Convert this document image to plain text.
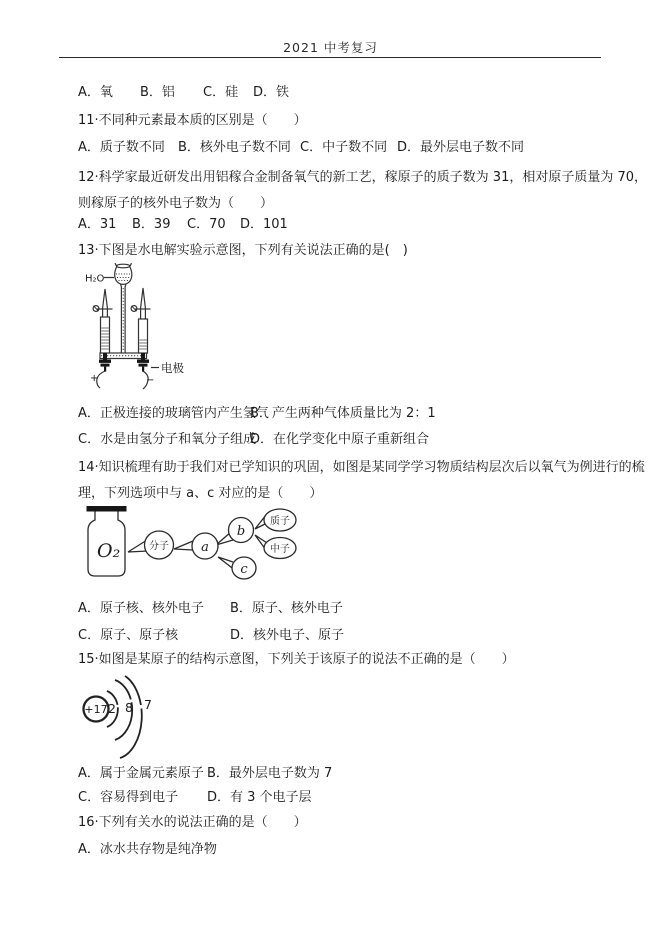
2021 中考复习
A．氧 B．铝 C．硅 D．铁
11·不同种元素最本质的区别是（　　）
A．质子数不同 B．核外电子数不同 C．中子数不同 D．最外层电子数不同
12·科学家最近研发出用铝稼合金制备氧气的新工艺，稼原子的质子数为 31，相对原子质量为 70，
则稼原子的核外电子数为（　　）
A．31 B．39 C．70 D．101
13·下图是水电解实验示意图，下列有关说法正确的是(　)
H₂O
+	−
电极
A．正极连接的玻璃管内产生氢气
B．产生两种气体质量比为 2：1
C．水是由氢分子和氧分子组成
D．在化学变化中原子重新组合
14·知识梳理有助于我们对已学知识的巩固，如图是某同学学习物质结构层次后以氧气为例进行的梳
理，下列选项中与 a、c 对应的是（　　）
O₂	分子 a
b
c
质子
中子
A．原子核、核外电子 B．原子、核外电子
C．原子、原子核	D．核外电子、原子
15·如图是某原子的结构示意图，下列关于该原子的说法不正确的是（　　）
+17 2 8 7
A．属于金属元素原子 B．最外层电子数为 7
C．容易得到电子 D．有 3 个电子层
16·下列有关水的说法正确的是（　　）
A．冰水共存物是纯净物
